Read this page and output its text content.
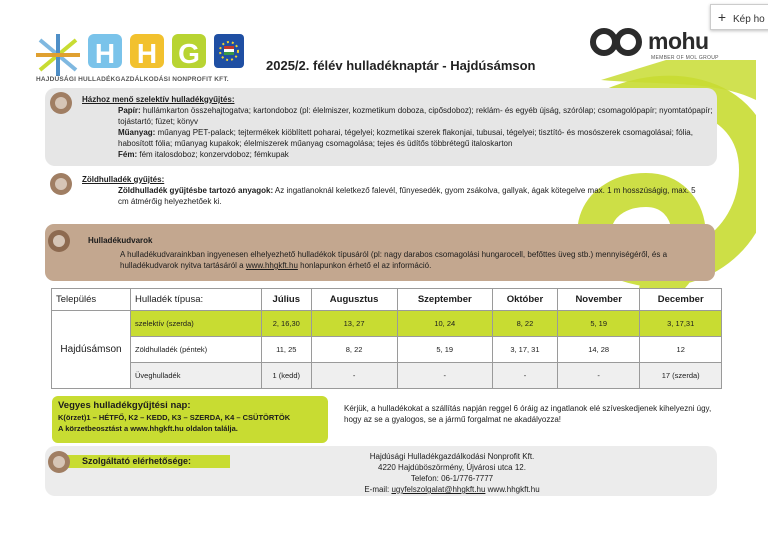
+ Kép ho
H H G
HAJDÚSÁGI HULLADÉKGAZDÁLKODÁSI NONPROFIT KFT.
2025/2. félév hulladéknaptár - Hajdúsámson
mohu
MEMBER OF MOL GROUP
Házhoz menő szelektív hulladékgyűjtés:
Papír: hullámkarton összehajtogatva; kartondoboz (pl: élelmiszer, kozmetikum doboza, cipősdoboz); reklám- és egyéb újság, szórólap; csomagolópapír; nyomtatópapír; tojástartó; füzet; könyv
Műanyag: műanyag PET-palack; tejtermékek kiöblített poharai, tégelyei; kozmetikai szerek flakonjai, tubusai, tégelyei; tisztító- és mosószerek csomagolásai; fólia, habosított fólia; műanyag kupakok; élelmiszerek műanyag csomagolása; tejes és üdítős többrétegű italoskarton
Fém: fém italosdoboz; konzervdoboz; fémkupak
Zöldhulladék gyűjtés:
Zöldhulladék gyűjtésbe tartozó anyagok: Az ingatlanoknál keletkező falevél, fűnyesedék, gyom zsákolva, gallyak, ágak kötegelve max. 1 m hosszúságig, max. 5 cm átmérőig helyezhetőek ki.
Hulladékudvarok
A hulladékudvarainkban ingyenesen elhelyezhető hulladékok típusáról (pl: nagy darabos csomagolási hungarocell, befőttes üveg stb.) mennyiségéről, és a hulladékudvarok nyitva tartásáról a www.hhgkft.hu honlapunkon érhető el az információ.
Település	Hulladék típusa:	Július	Augusztus	Szeptember	Október	November	December
Hajdúsámson	szelektív (szerda)	2, 16,30	13, 27	10, 24	8, 22	5, 19	3, 17,31
	Zöldhulladék (péntek)	11, 25	8, 22	5, 19	3, 17, 31	14, 28	12
	Üveghulladék	1 (kedd)	-	-	-	-	17 (szerda)
Vegyes hulladékgyűjtési nap:
K(örzet)1 – HÉTFŐ, K2 – KEDD, K3 – SZERDA, K4 – CSÜTÖRTÖK
A körzetbeosztást a www.hhgkft.hu oldalon találja.
Kérjük, a hulladékokat a szállítás napján reggel 6 óráig az ingatlanok elé szíveskedjenek kihelyezni úgy, hogy az se a gyalogos, se a jármű forgalmat ne akadályozza!
Szolgáltató elérhetősége:	Hajdúsági Hulladékgazdálkodási Nonprofit Kft.
4220 Hajdúböszörmény, Újvárosi utca 12.
Telefon: 06-1/776-7777
E-mail: ugyfelszolgalat@hhgkft.hu www.hhgkft.hu
